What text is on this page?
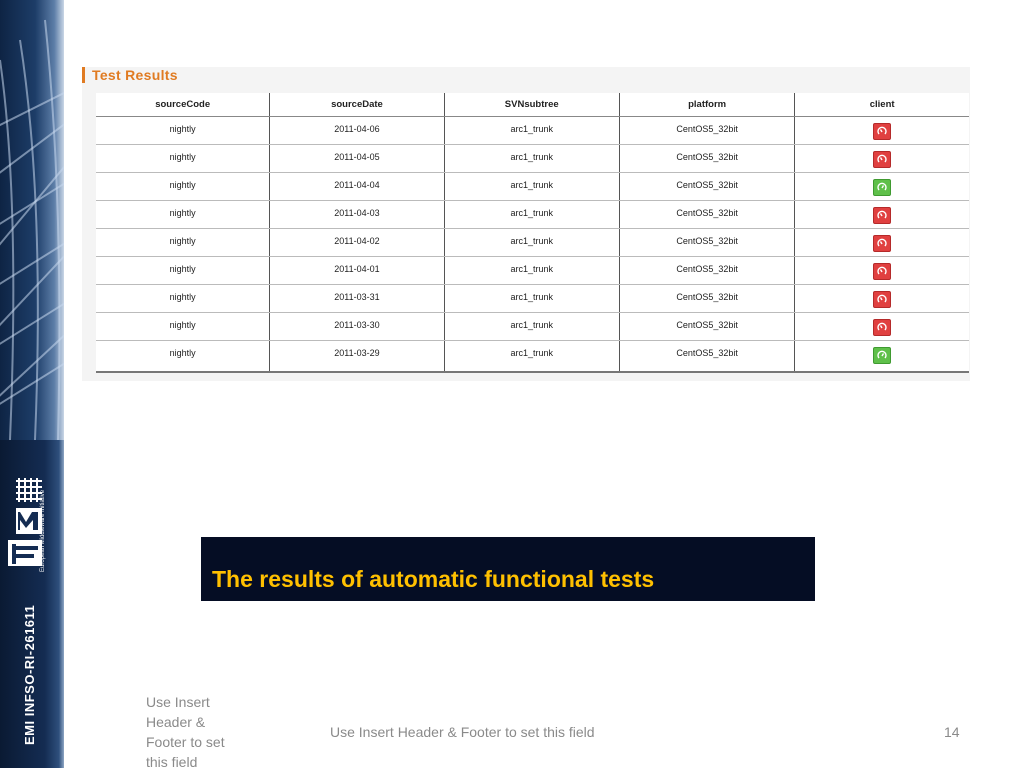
European Middleware Initiative
EMI INFSO-RI-261611
Test Results
sourceCode	sourceDate	SVNsubtree	platform	client
nightly	2011-04-06	arc1_trunk	CentOS5_32bit	

nightly	2011-04-05	arc1_trunk	CentOS5_32bit	

nightly	2011-04-04	arc1_trunk	CentOS5_32bit	

nightly	2011-04-03	arc1_trunk	CentOS5_32bit	

nightly	2011-04-02	arc1_trunk	CentOS5_32bit	

nightly	2011-04-01	arc1_trunk	CentOS5_32bit	

nightly	2011-03-31	arc1_trunk	CentOS5_32bit	

nightly	2011-03-30	arc1_trunk	CentOS5_32bit	

nightly	2011-03-29	arc1_trunk	CentOS5_32bit	
The results of automatic functional tests
Use Insert Header & Footer to set this field
Use Insert Header & Footer to set this field	14
